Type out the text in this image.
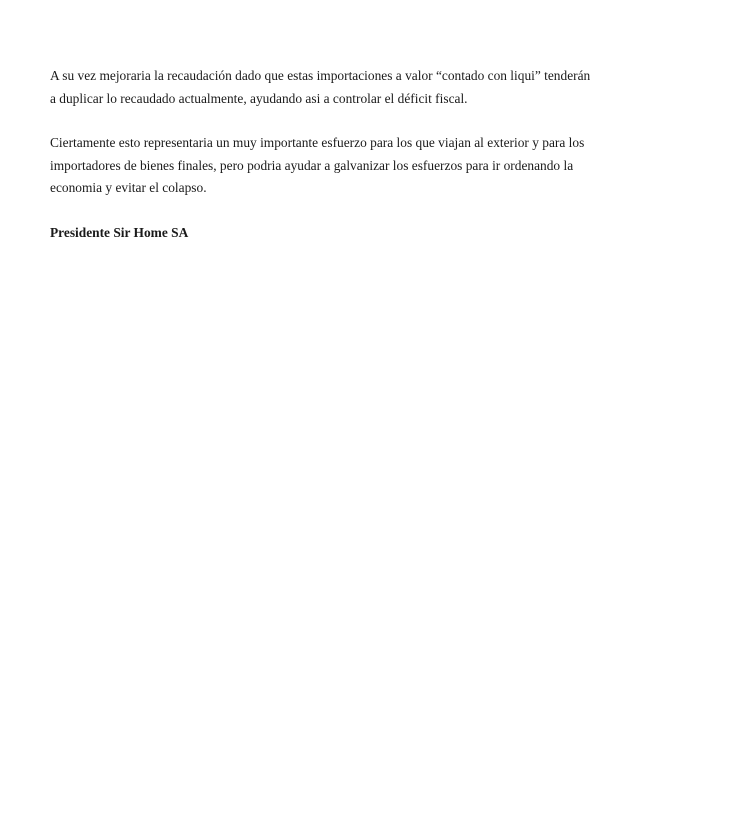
A su vez mejoraria la recaudación dado que estas importaciones a valor “contado con liqui” tenderán
a duplicar lo recaudado actualmente, ayudando asi a controlar el déficit fiscal.

Ciertamente esto representaria un muy importante esfuerzo para los que viajan al exterior y para los
importadores de bienes finales, pero podria ayudar a galvanizar los esfuerzos para ir ordenando la
economia y evitar el colapso.

Presidente Sir Home SA
